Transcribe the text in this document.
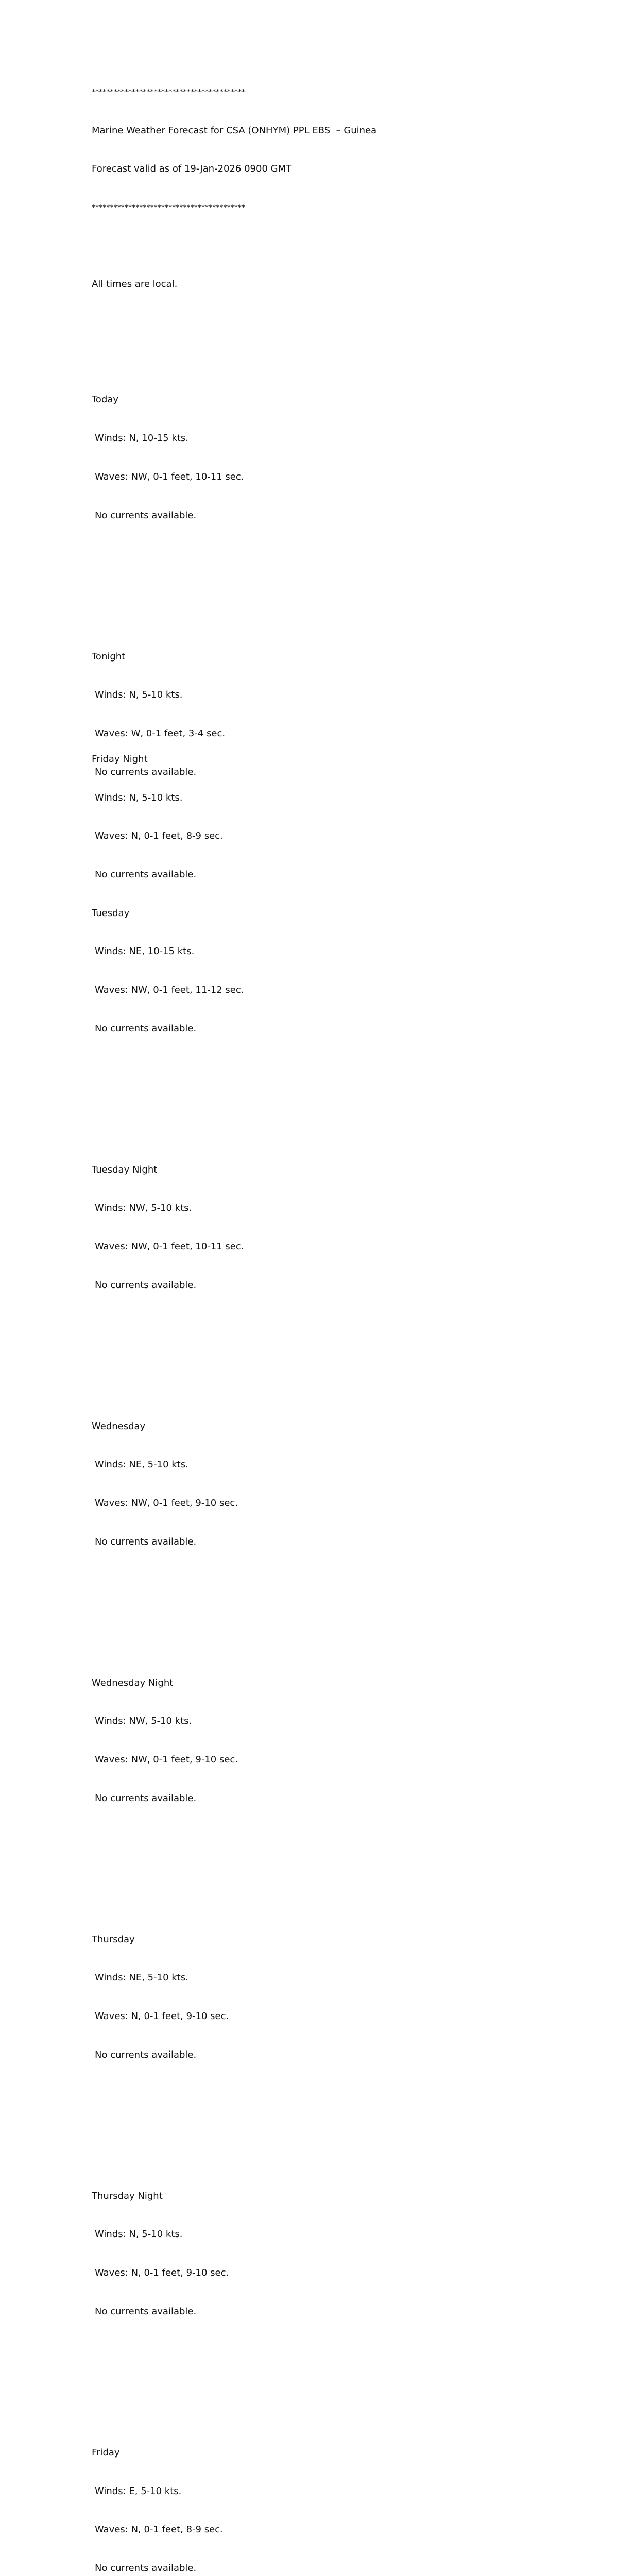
******************************************

Marine Weather Forecast for CSA (ONHYM) PPL EBS  – Guinea

Forecast valid as of 19-Jan-2026 0900 GMT

******************************************

All times are local.

Today

Winds: N, 10-15 kts.

Waves: NW, 0-1 feet, 10-11 sec.

No currents available.

Tonight

Winds: N, 5-10 kts.

Waves: W, 0-1 feet, 3-4 sec.

No currents available.

Tuesday

Winds: NE, 10-15 kts.

Waves: NW, 0-1 feet, 11-12 sec.

No currents available.

Tuesday Night

Winds: NW, 5-10 kts.

Waves: NW, 0-1 feet, 10-11 sec.

No currents available.

Wednesday

Winds: NE, 5-10 kts.

Waves: NW, 0-1 feet, 9-10 sec.

No currents available.

Wednesday Night

Winds: NW, 5-10 kts.

Waves: NW, 0-1 feet, 9-10 sec.

No currents available.

Thursday

Winds: NE, 5-10 kts.

Waves: N, 0-1 feet, 9-10 sec.

No currents available.

Thursday Night

Winds: N, 5-10 kts.

Waves: N, 0-1 feet, 9-10 sec.

No currents available.

Friday

Winds: E, 5-10 kts.

Waves: N, 0-1 feet, 8-9 sec.

No currents available.

Friday Night

Winds: N, 5-10 kts.

Waves: N, 0-1 feet, 8-9 sec.

No currents available.
